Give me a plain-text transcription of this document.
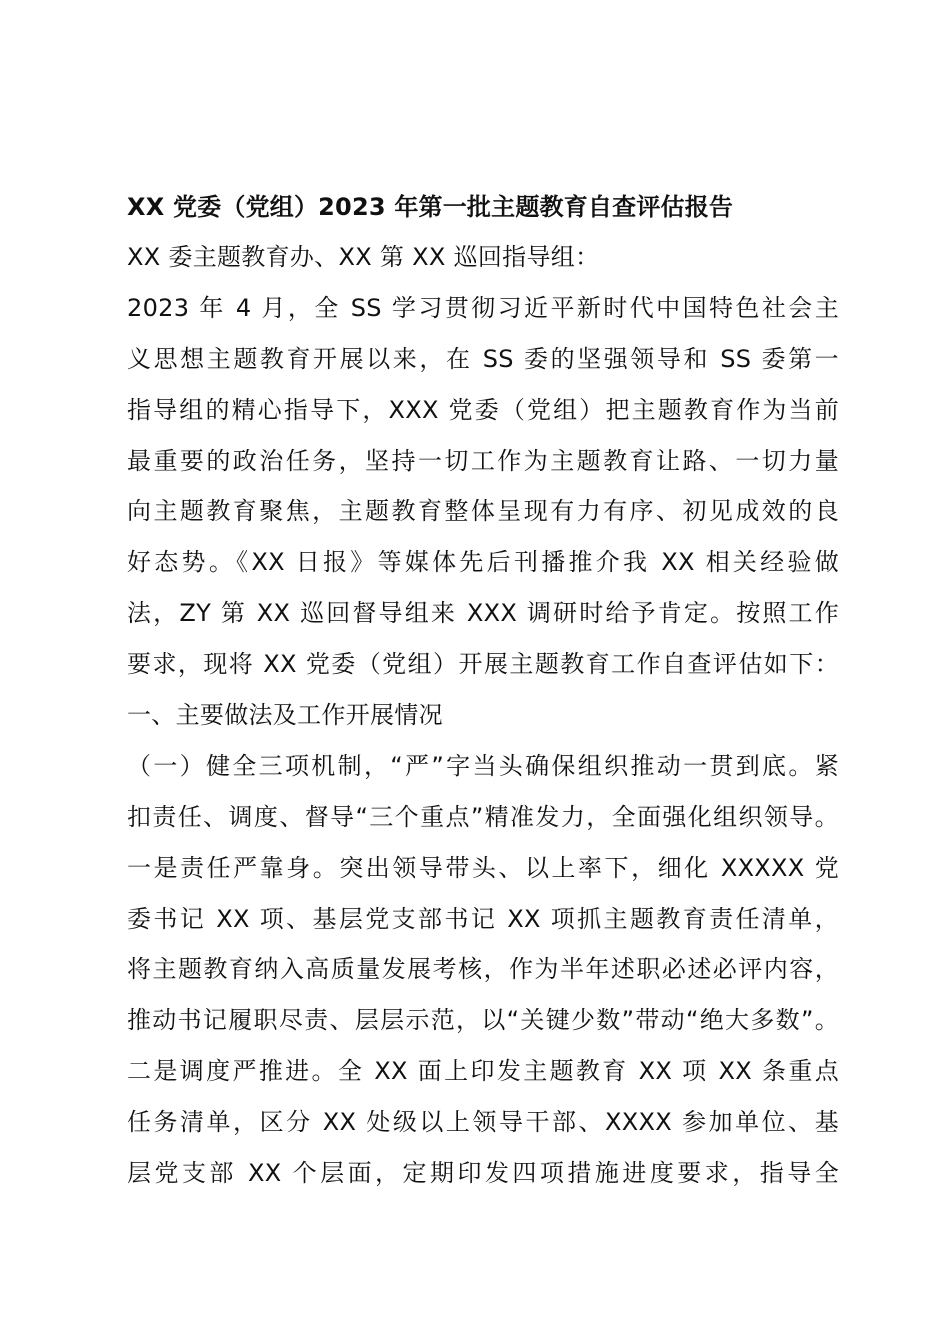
XX 党委（党组）2023 年第一批主题教育自查评估报告

XX 委主题教育办、XX 第 XX 巡回指导组：

2023 年 4 月，全 SS 学习贯彻习近平新时代中国特色社会主

义思想主题教育开展以来，在 SS 委的坚强领导和 SS 委第一

指导组的精心指导下，XXX 党委（党组）把主题教育作为当前

最重要的政治任务，坚持一切工作为主题教育让路、一切力量

向主题教育聚焦，主题教育整体呈现有力有序、初见成效的良

好态势。《XX 日报》等媒体先后刊播推介我 XX 相关经验做

法，ZY 第 XX 巡回督导组来 XXX 调研时给予肯定。按照工作

要求，现将 XX 党委（党组）开展主题教育工作自查评估如下：

一、主要做法及工作开展情况

（一）健全三项机制，“严”字当头确保组织推动一贯到底。紧

扣责任、调度、督导“三个重点”精准发力，全面强化组织领导。

一是责任严靠身。突出领导带头、以上率下，细化 XXXXX 党

委书记 XX 项、基层党支部书记 XX 项抓主题教育责任清单，

将主题教育纳入高质量发展考核，作为半年述职必述必评内容，

推动书记履职尽责、层层示范，以“关键少数”带动“绝大多数”。

二是调度严推进。全 XX 面上印发主题教育 XX 项 XX 条重点

任务清单，区分 XX 处级以上领导干部、XXXX 参加单位、基

层党支部 XX 个层面，定期印发四项措施进度要求，指导全
